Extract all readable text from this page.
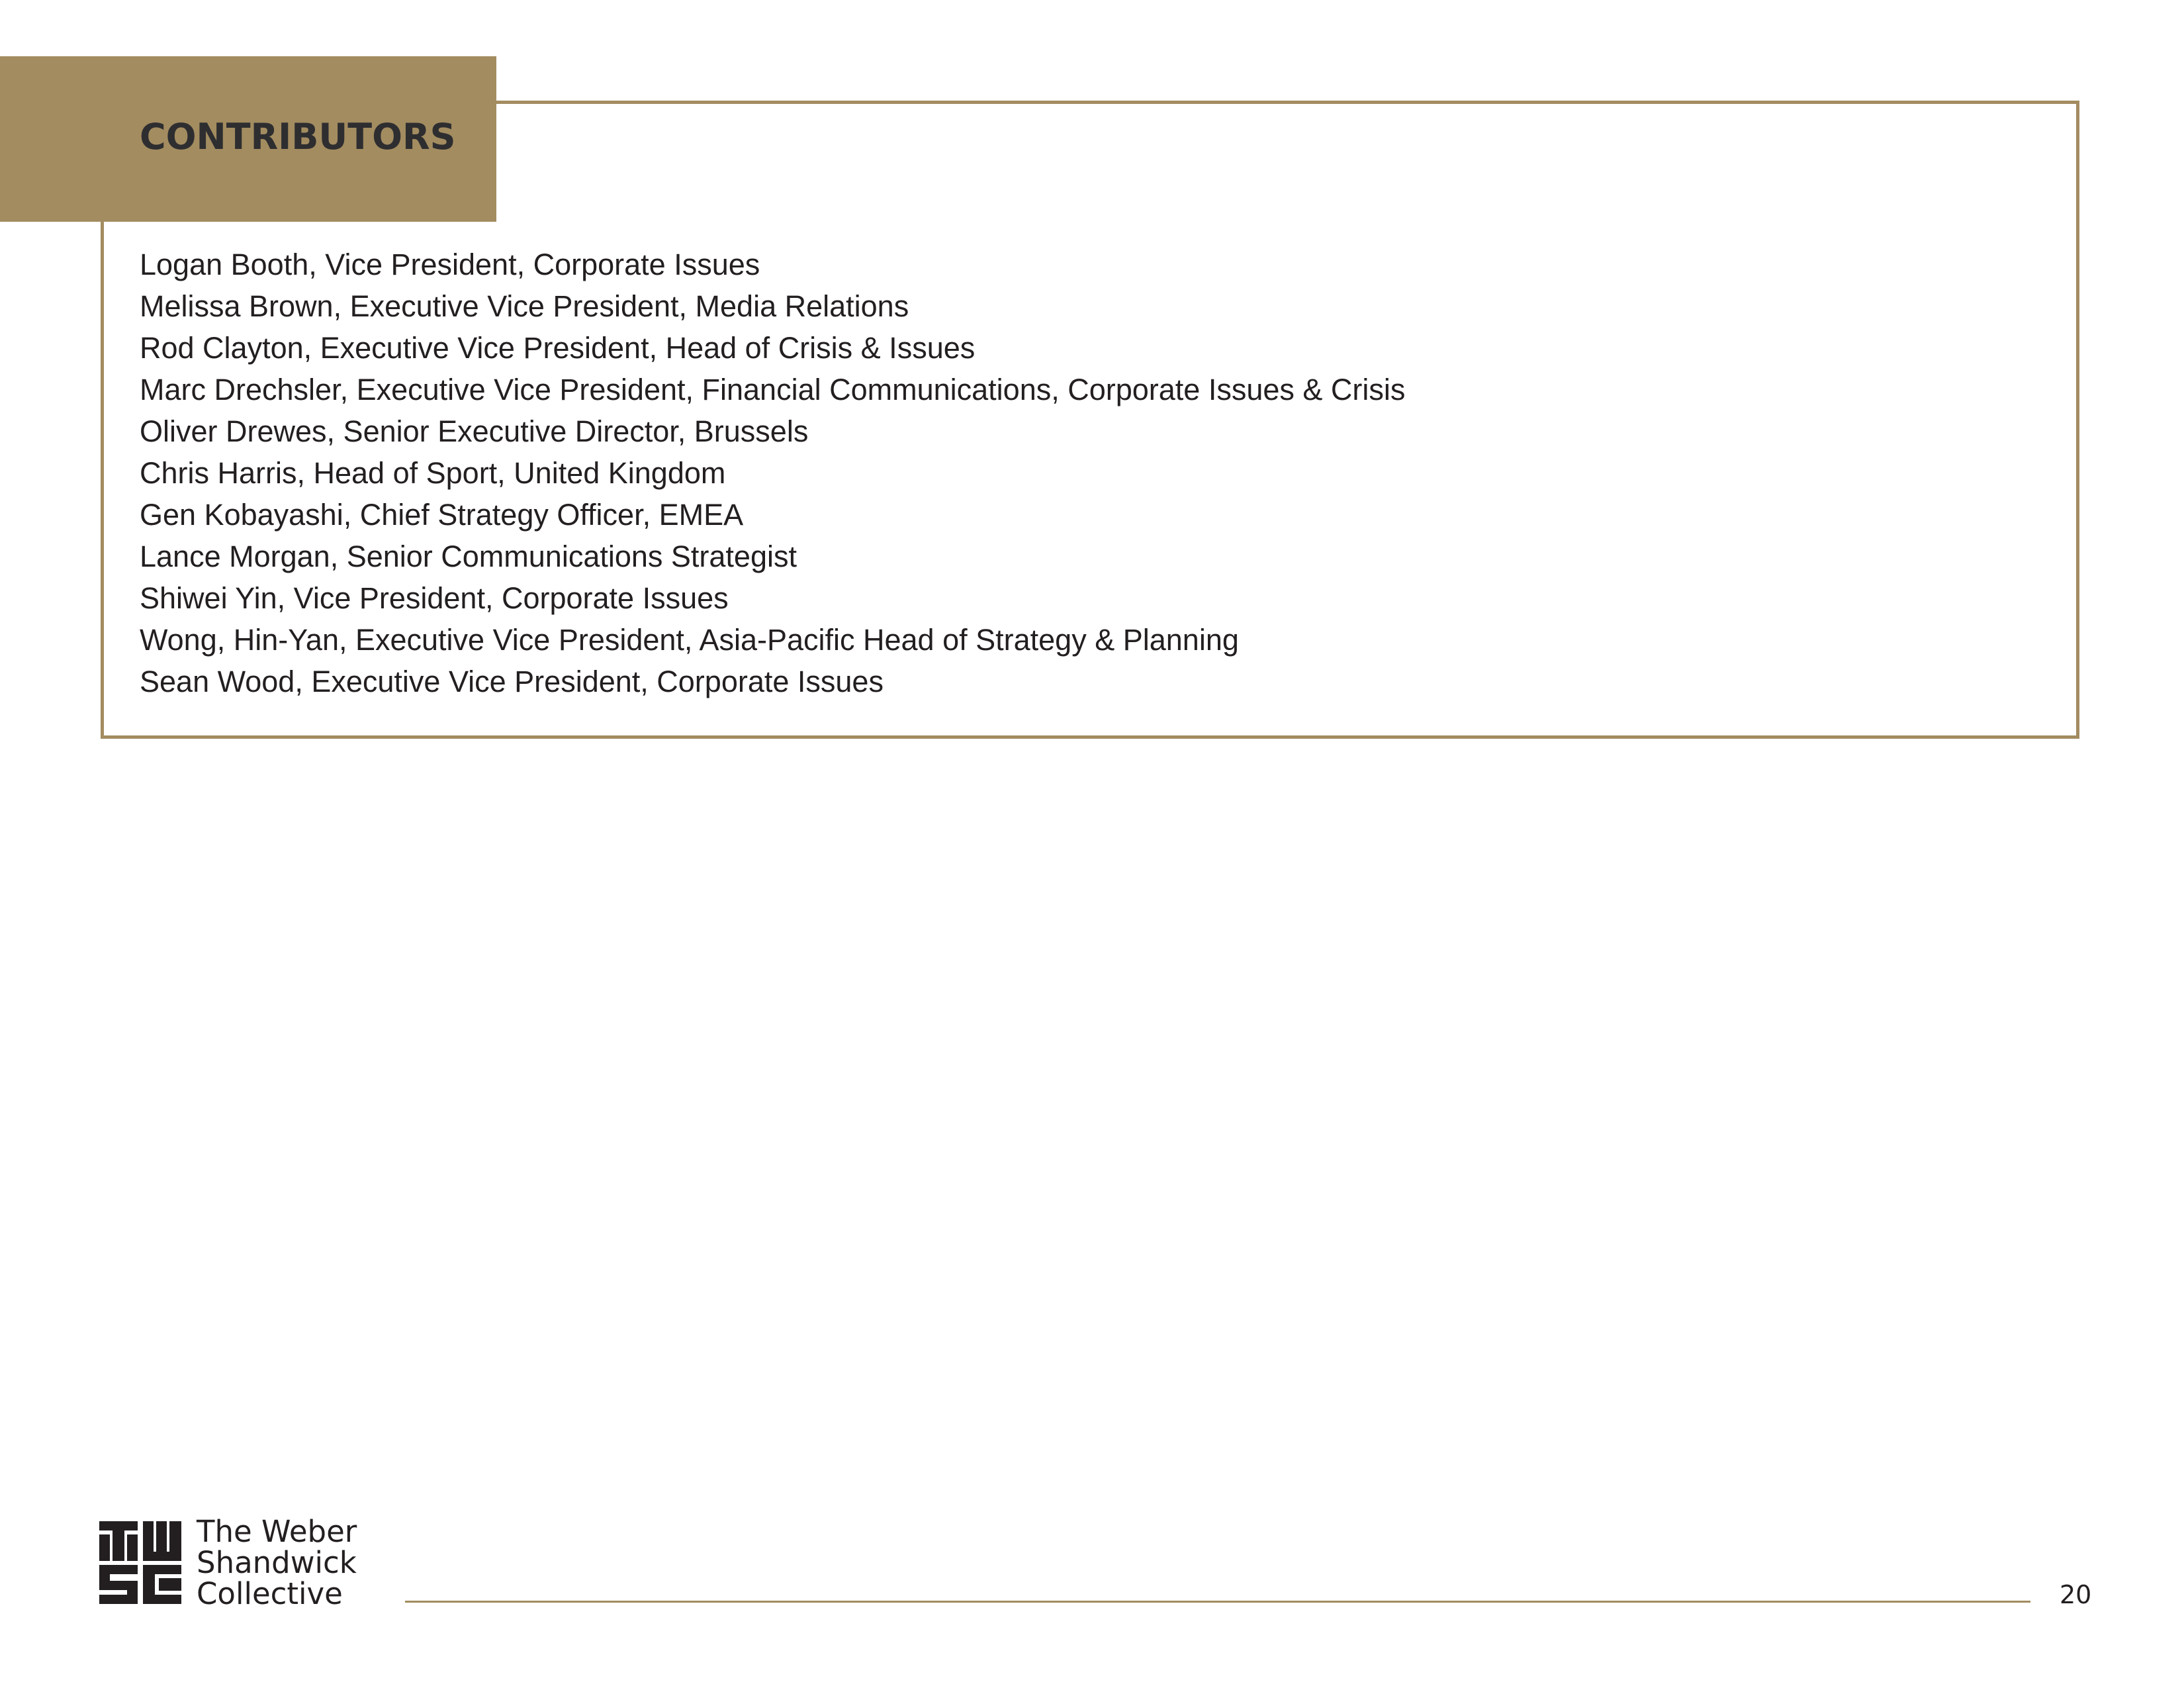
CONTRIBUTORS
Logan Booth, Vice President, Corporate Issues
Melissa Brown, Executive Vice President, Media Relations
Rod Clayton, Executive Vice President, Head of Crisis & Issues
Marc Drechsler, Executive Vice President, Financial Communications, Corporate Issues & Crisis
Oliver Drewes, Senior Executive Director, Brussels
Chris Harris, Head of Sport, United Kingdom
Gen Kobayashi, Chief Strategy Officer, EMEA
Lance Morgan, Senior Communications Strategist
Shiwei Yin, Vice President, Corporate Issues
Wong, Hin-Yan, Executive Vice President, Asia-Pacific Head of Strategy & Planning
Sean Wood, Executive Vice President, Corporate Issues
The Weber
Shandwick
Collective	20
